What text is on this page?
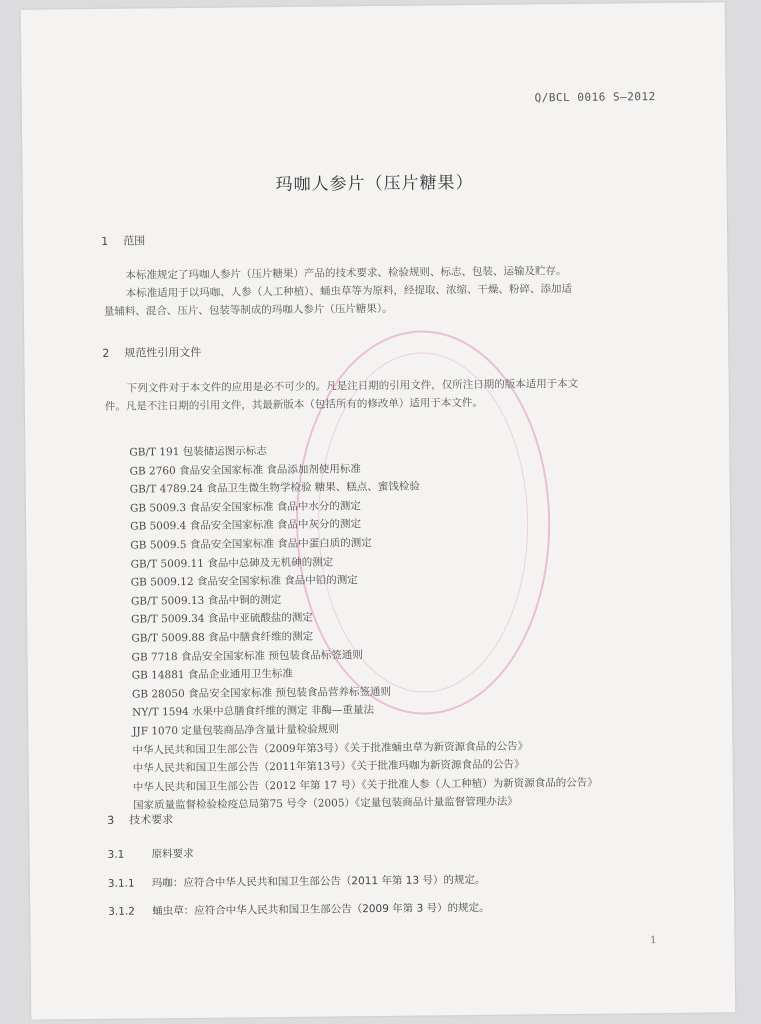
Q/BCL 0016 S—2012
玛咖人参片（压片糖果）
1 范围
本标准规定了玛咖人参片（压片糖果）产品的技术要求、检验规则、标志、包装、运输及贮存。
本标准适用于以玛咖、人参（人工种植）、蛹虫草等为原料，经提取、浓缩、干燥、粉碎、添加适
量辅料、混合、压片、包装等制成的玛咖人参片（压片糖果）。
2 规范性引用文件
下列文件对于本文件的应用是必不可少的。凡是注日期的引用文件，仅所注日期的版本适用于本文
件。凡是不注日期的引用文件，其最新版本（包括所有的修改单）适用于本文件。
GB/T 191 包装储运图示标志
GB 2760 食品安全国家标准 食品添加剂使用标准
GB/T 4789.24 食品卫生微生物学检验 糖果、糕点、蜜饯检验
GB 5009.3 食品安全国家标准 食品中水分的测定
GB 5009.4 食品安全国家标准 食品中灰分的测定
GB 5009.5 食品安全国家标准 食品中蛋白质的测定
GB/T 5009.11 食品中总砷及无机砷的测定
GB 5009.12 食品安全国家标准 食品中铅的测定
GB/T 5009.13 食品中铜的测定
GB/T 5009.34 食品中亚硫酸盐的测定
GB/T 5009.88 食品中膳食纤维的测定
GB 7718 食品安全国家标准 预包装食品标签通则
GB 14881 食品企业通用卫生标准
GB 28050 食品安全国家标准 预包装食品营养标签通则
NY/T 1594 水果中总膳食纤维的测定 非酶—重量法
JJF 1070 定量包装商品净含量计量检验规则
中华人民共和国卫生部公告（2009年第3号）《关于批准蛹虫草为新资源食品的公告》
中华人民共和国卫生部公告（2011年第13号）《关于批准玛咖为新资源食品的公告》
中华人民共和国卫生部公告（2012 年第 17 号）《关于批准人参（人工种植）为新资源食品的公告》
国家质量监督检验检疫总局第75 号令（2005）《定量包装商品计量监督管理办法》
3 技术要求
3.1	原料要求
3.1.1 玛咖：应符合中华人民共和国卫生部公告（2011 年第 13 号）的规定。
3.1.2 蛹虫草：应符合中华人民共和国卫生部公告（2009 年第 3 号）的规定。
1
